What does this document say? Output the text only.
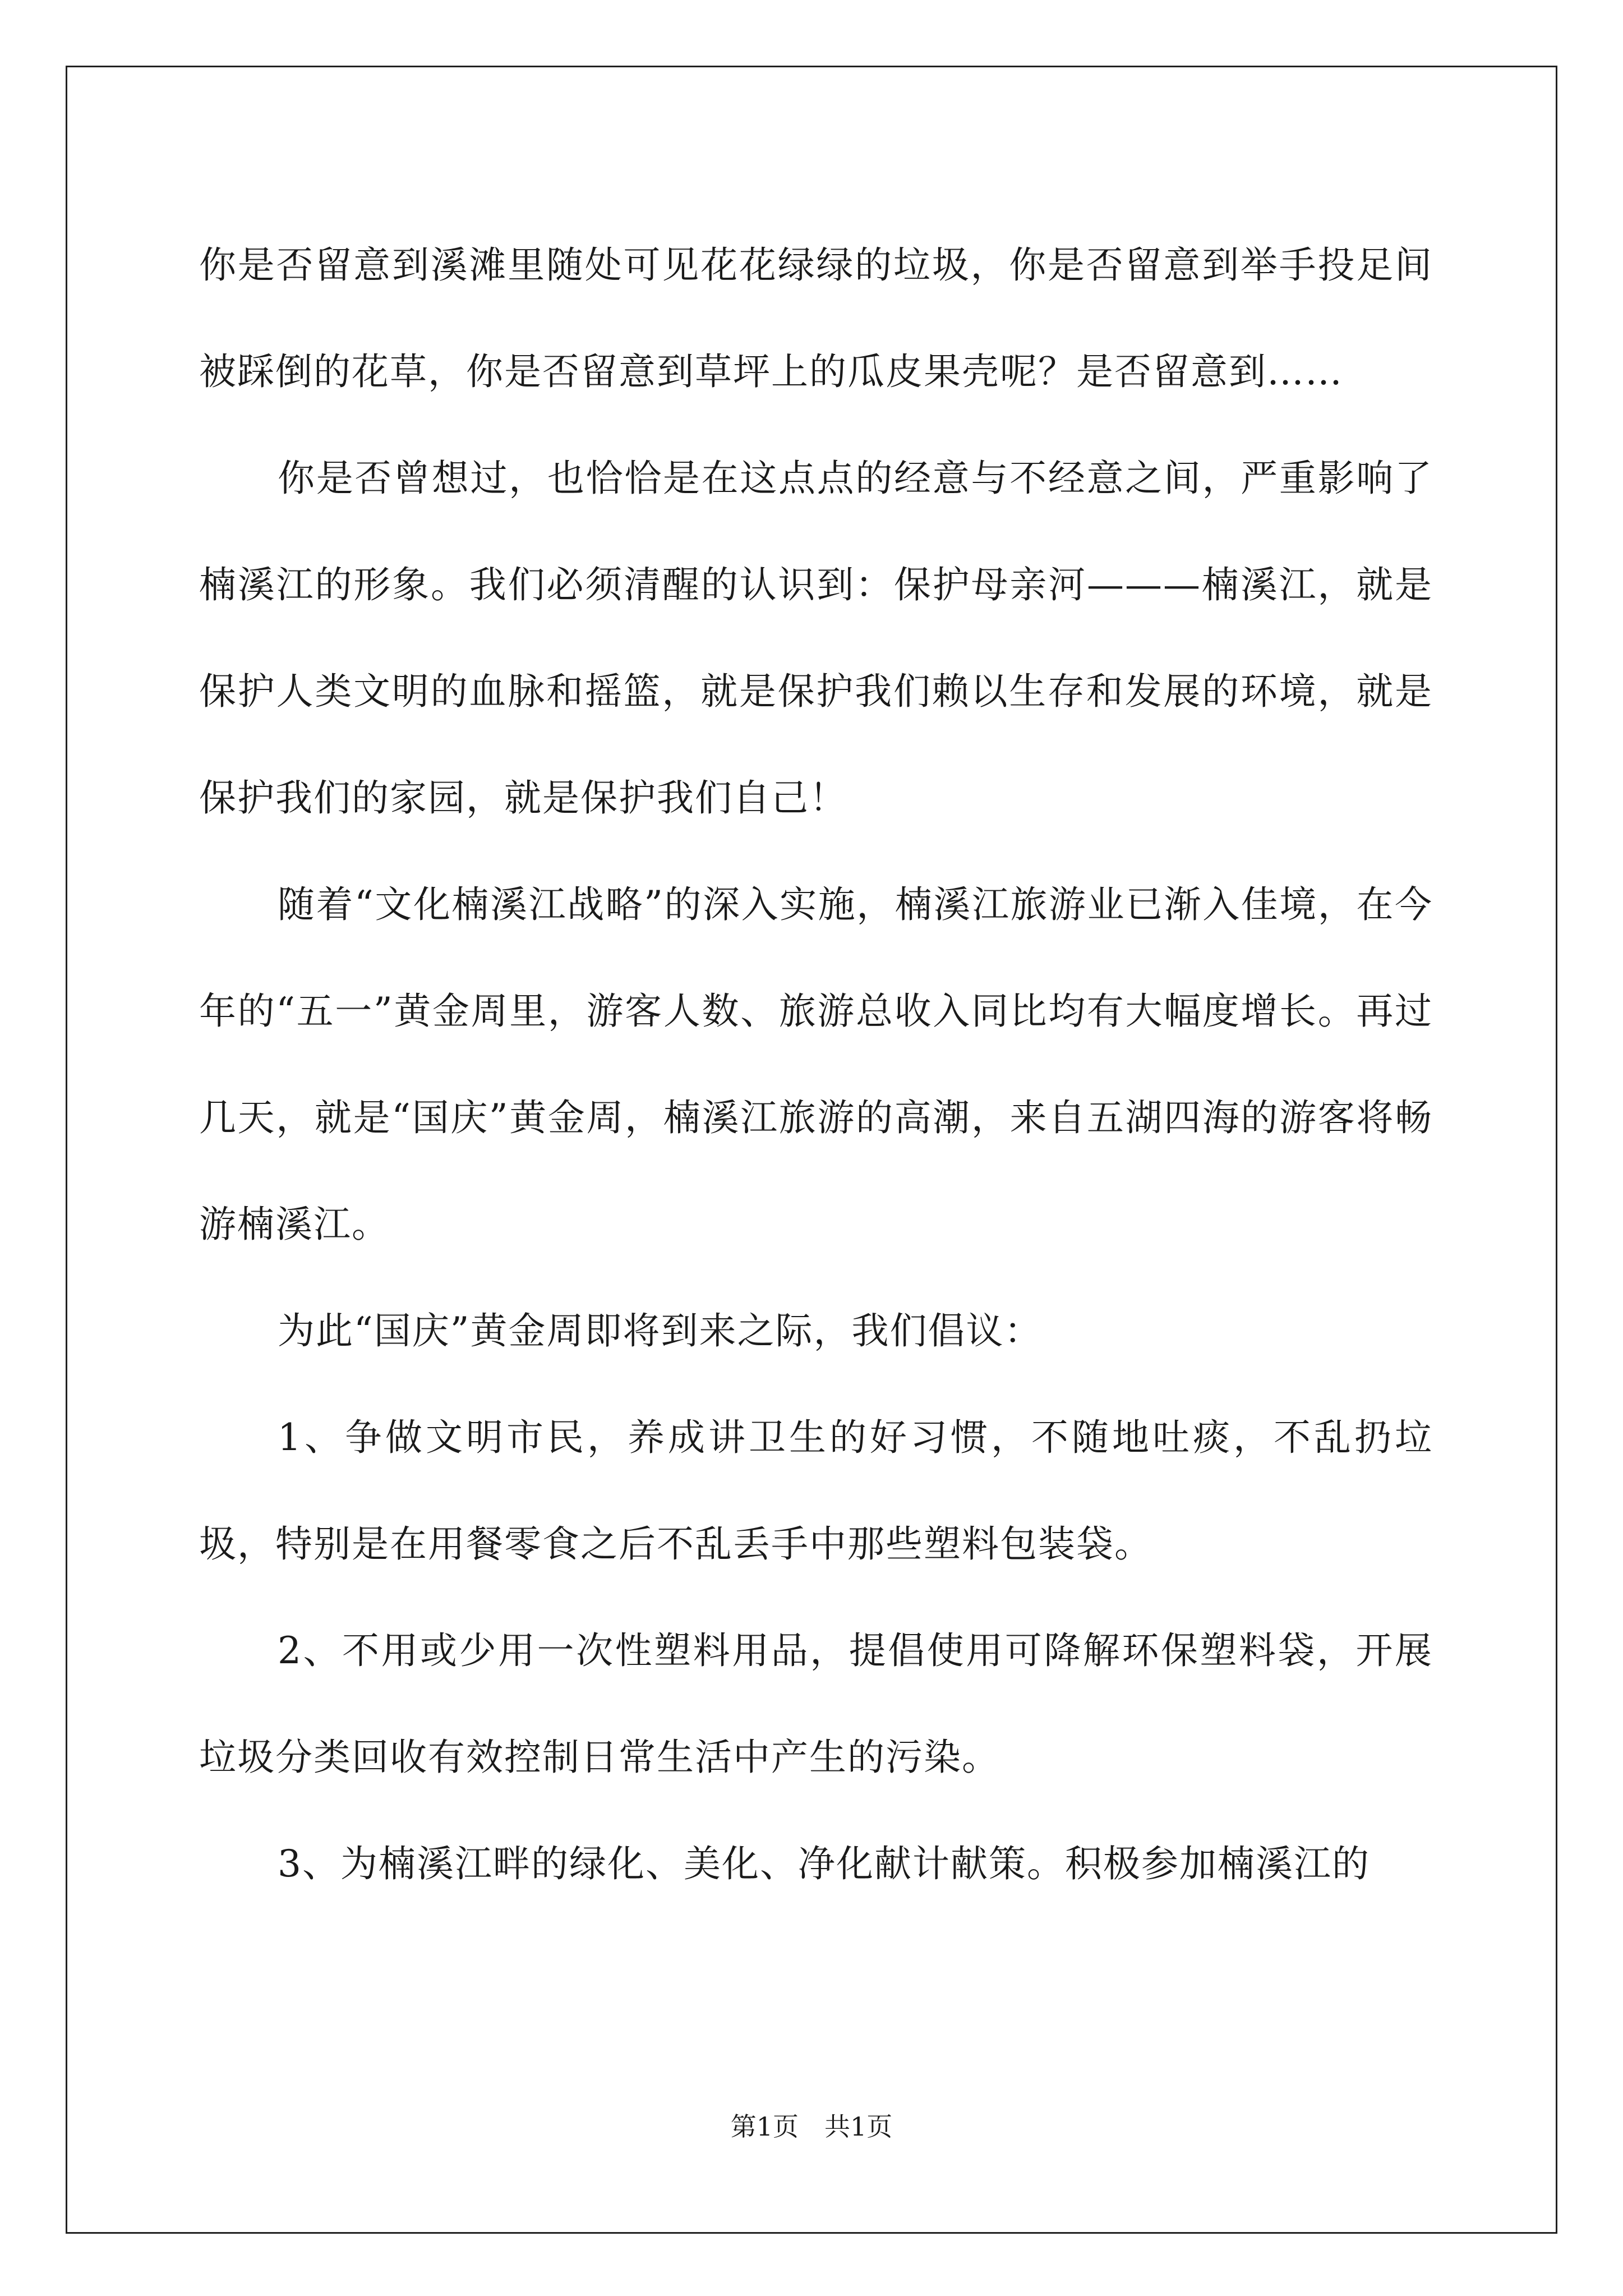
你是否留意到溪滩里随处可见花花绿绿的垃圾，你是否留意到举手投足间被踩倒的花草，你是否留意到草坪上的瓜皮果壳呢？是否留意到……

你是否曾想过，也恰恰是在这点点的经意与不经意之间，严重影响了楠溪江的形象。我们必须清醒的认识到：保护母亲河———楠溪江，就是保护人类文明的血脉和摇篮，就是保护我们赖以生存和发展的环境，就是保护我们的家园，就是保护我们自己！

随着“文化楠溪江战略”的深入实施，楠溪江旅游业已渐入佳境，在今年的“五一”黄金周里，游客人数、旅游总收入同比均有大幅度增长。再过几天，就是“国庆”黄金周，楠溪江旅游的高潮，来自五湖四海的游客将畅游楠溪江。

为此“国庆”黄金周即将到来之际，我们倡议：

1、争做文明市民，养成讲卫生的好习惯，不随地吐痰，不乱扔垃圾，特别是在用餐零食之后不乱丢手中那些塑料包装袋。

2、不用或少用一次性塑料用品，提倡使用可降解环保塑料袋，开展垃圾分类回收有效控制日常生活中产生的污染。

3、为楠溪江畔的绿化、美化、净化献计献策。积极参加楠溪江的

第1页　共1页
